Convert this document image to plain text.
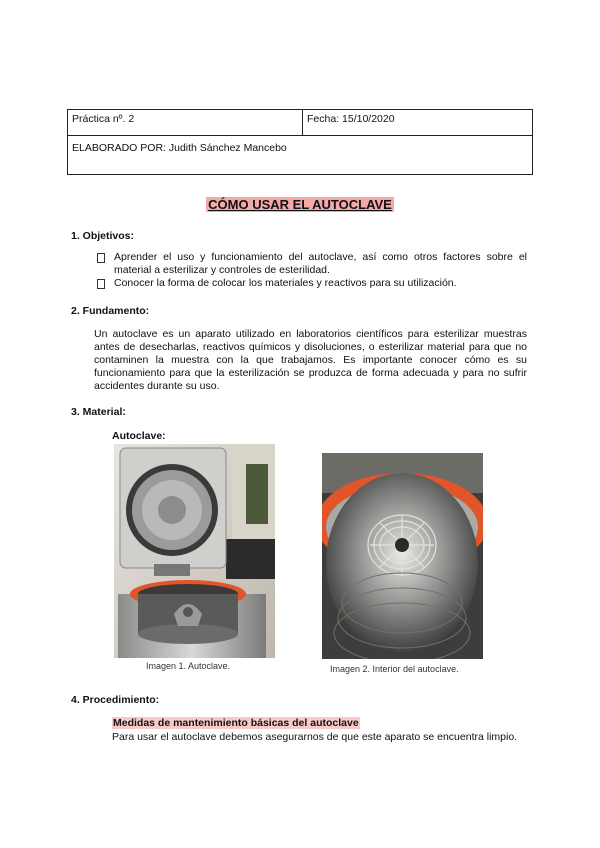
Práctica nº. 2	Fecha: 15/10/2020
ELABORADO POR: Judith Sánchez Mancebo
CÓMO USAR EL AUTOCLAVE
1. Objetivos:
Aprender el uso y funcionamiento del autoclave, así como otros factores sobre el material a esterilizar y controles de esterilidad.
Conocer la forma de colocar los materiales y reactivos para su utilización.
2. Fundamento:

Un autoclave es un aparato utilizado en laboratorios científicos para esterilizar muestras antes de desecharlas, reactivos químicos y disoluciones, o esterilizar material para que no contaminen la muestra con la que trabajamos. Es importante conocer cómo es su funcionamiento para que la esterilización se produzca de forma adecuada y para no sufrir accidentes durante su uso.

3. Material:
Autoclave:
Imagen 1. Autoclave.	Imagen 2. Interior del autoclave.
4. Procedimiento:
Medidas de mantenimiento básicas del autoclave

Para usar el autoclave debemos asegurarnos de que este aparato se encuentra limpio.
